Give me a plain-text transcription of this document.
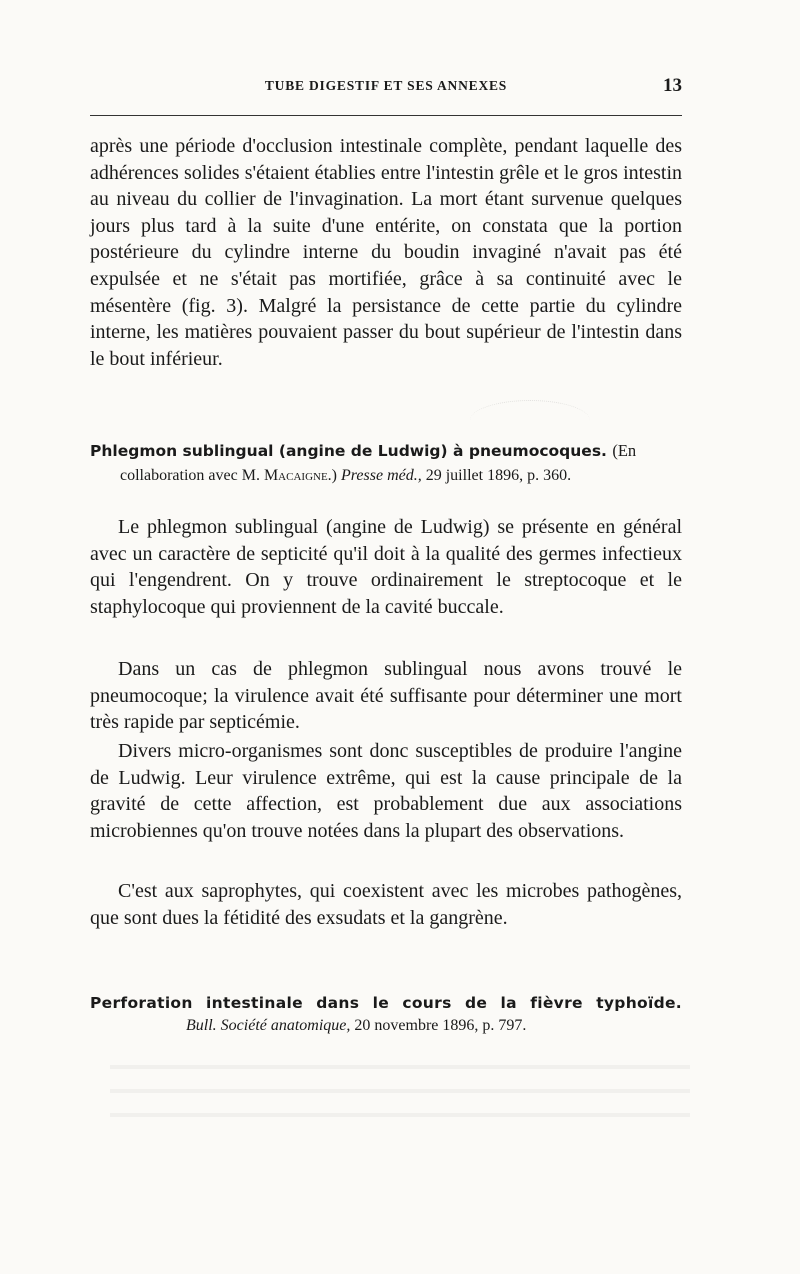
TUBE DIGESTIF ET SES ANNEXES	13

après une période d'occlusion intestinale complète, pendant laquelle des adhérences solides s'étaient établies entre l'intestin grêle et le gros intestin au niveau du collier de l'invagination. La mort étant survenue quelques jours plus tard à la suite d'une entérite, on constata que la portion postérieure du cylindre interne du boudin invaginé n'avait pas été expulsée et ne s'était pas mortifiée, grâce à sa continuité avec le mésentère (fig. 3). Malgré la persistance de cette partie du cylindre interne, les matières pouvaient passer du bout supérieur de l'intestin dans le bout inférieur.

Phlegmon sublingual (angine de Ludwig) à pneumocoques. (En

collaboration avec M. Macaigne.) Presse méd., 29 juillet 1896, p. 360.

Le phlegmon sublingual (angine de Ludwig) se présente en général avec un caractère de septicité qu'il doit à la qualité des germes infectieux qui l'engendrent. On y trouve ordinairement le streptocoque et le staphylocoque qui proviennent de la cavité buccale.

Dans un cas de phlegmon sublingual nous avons trouvé le pneumocoque; la virulence avait été suffisante pour déterminer une mort très rapide par septicémie.

Divers micro-organismes sont donc susceptibles de produire l'angine de Ludwig. Leur virulence extrême, qui est la cause principale de la gravité de cette affection, est probablement due aux associations microbiennes qu'on trouve notées dans la plupart des observations.

C'est aux saprophytes, qui coexistent avec les microbes pathogènes, que sont dues la fétidité des exsudats et la gangrène.

Perforation intestinale dans le cours de la fièvre typhoïde.

Bull. Société anatomique, 20 novembre 1896, p. 797.
